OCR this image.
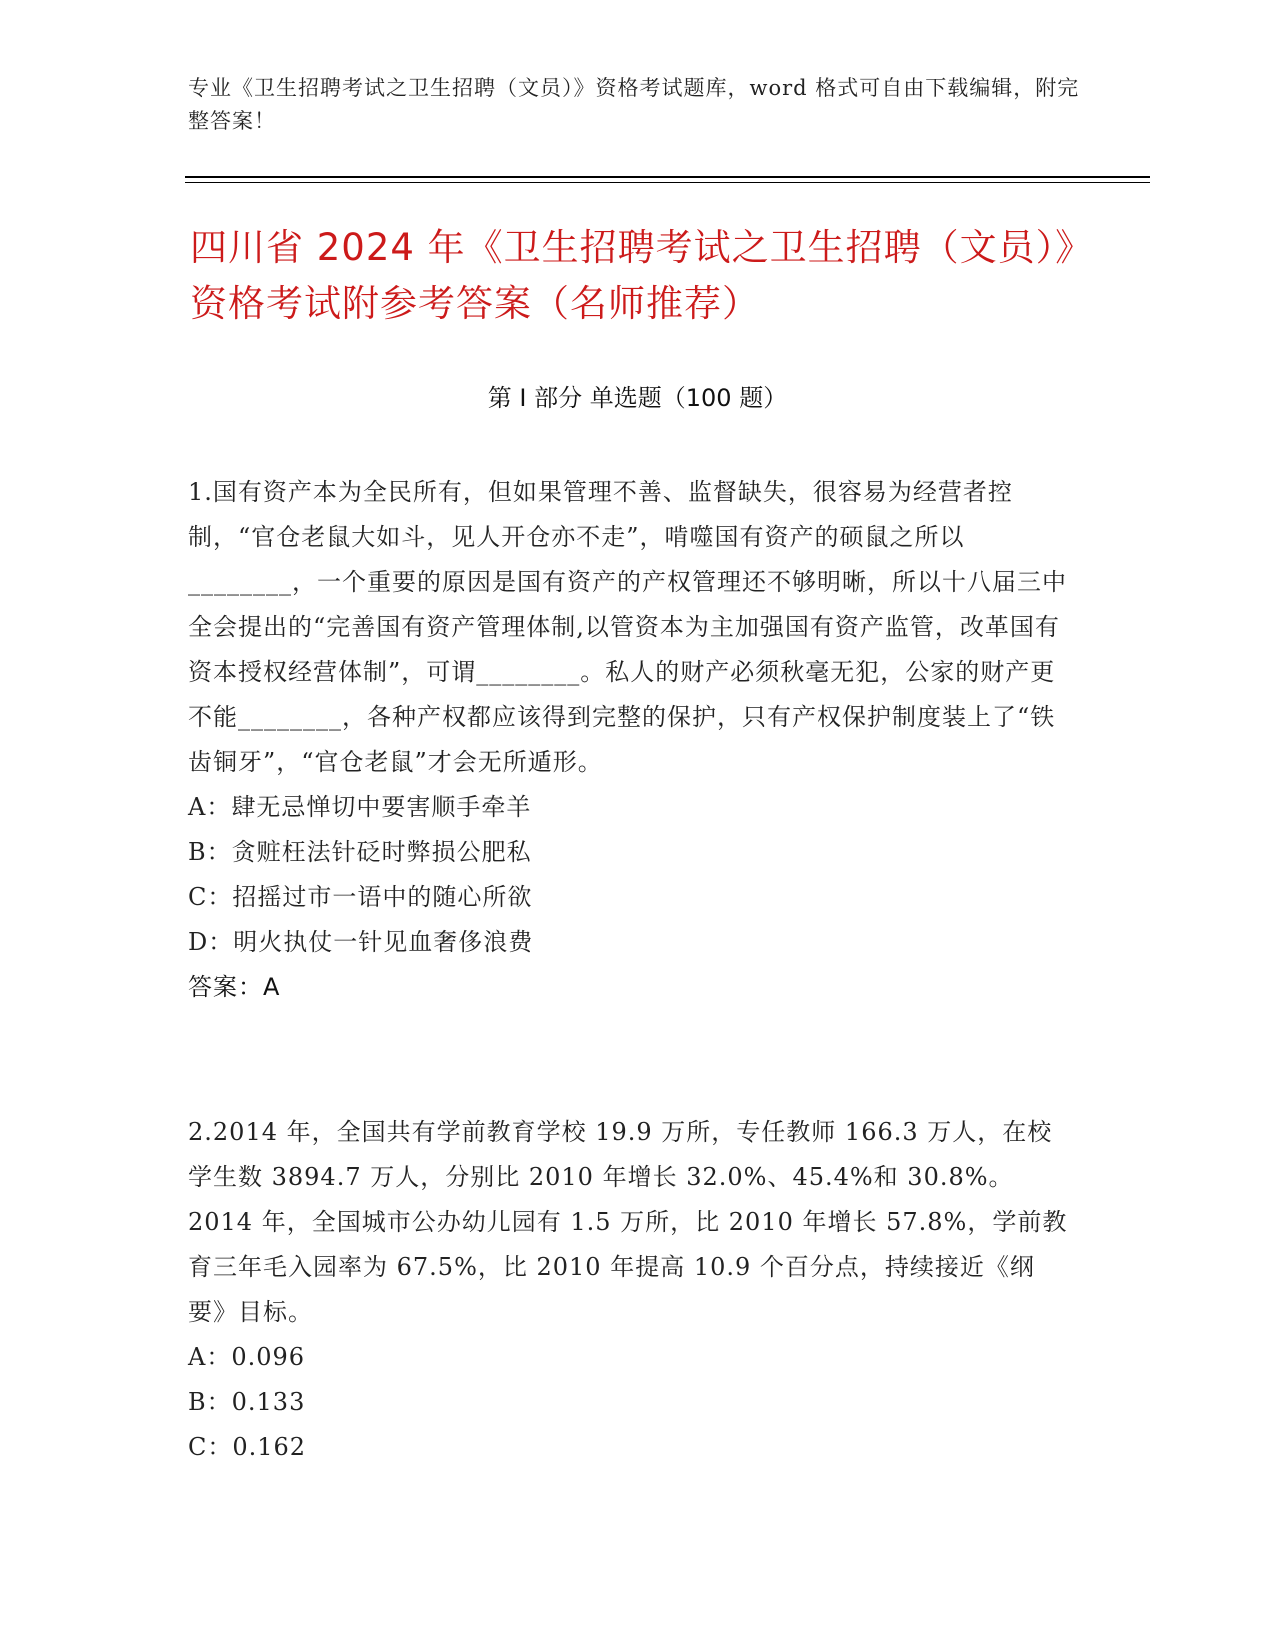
专业《卫生招聘考试之卫生招聘（文员）》资格考试题库，word 格式可自由下载编辑，附完整答案！
四川省 2024 年《卫生招聘考试之卫生招聘（文员）》资格考试附参考答案（名师推荐）
第 I 部分 单选题（100 题）

1.国有资产本为全民所有，但如果管理不善、监督缺失，很容易为经营者控制，“官仓老鼠大如斗，见人开仓亦不走”，啃噬国有资产的硕鼠之所以________，一个重要的原因是国有资产的产权管理还不够明晰，所以十八届三中全会提出的“完善国有资产管理体制,以管资本为主加强国有资产监管，改革国有资本授权经营体制”，可谓________。私人的财产必须秋毫无犯，公家的财产更不能________，各种产权都应该得到完整的保护，只有产权保护制度装上了“铁齿铜牙”，“官仓老鼠”才会无所遁形。

A：肆无忌惮切中要害顺手牵羊

B：贪赃枉法针砭时弊损公肥私

C：招摇过市一语中的随心所欲

D：明火执仗一针见血奢侈浪费

答案：A

2.2014 年，全国共有学前教育学校 19.9 万所，专任教师 166.3 万人，在校学生数 3894.7 万人，分别比 2010 年增长 32.0%、45.4%和 30.8%。2014 年，全国城市公办幼儿园有 1.5 万所，比 2010 年增长 57.8%，学前教育三年毛入园率为 67.5%，比 2010 年提高 10.9 个百分点，持续接近《纲要》目标。

A：0.096

B：0.133

C：0.162
